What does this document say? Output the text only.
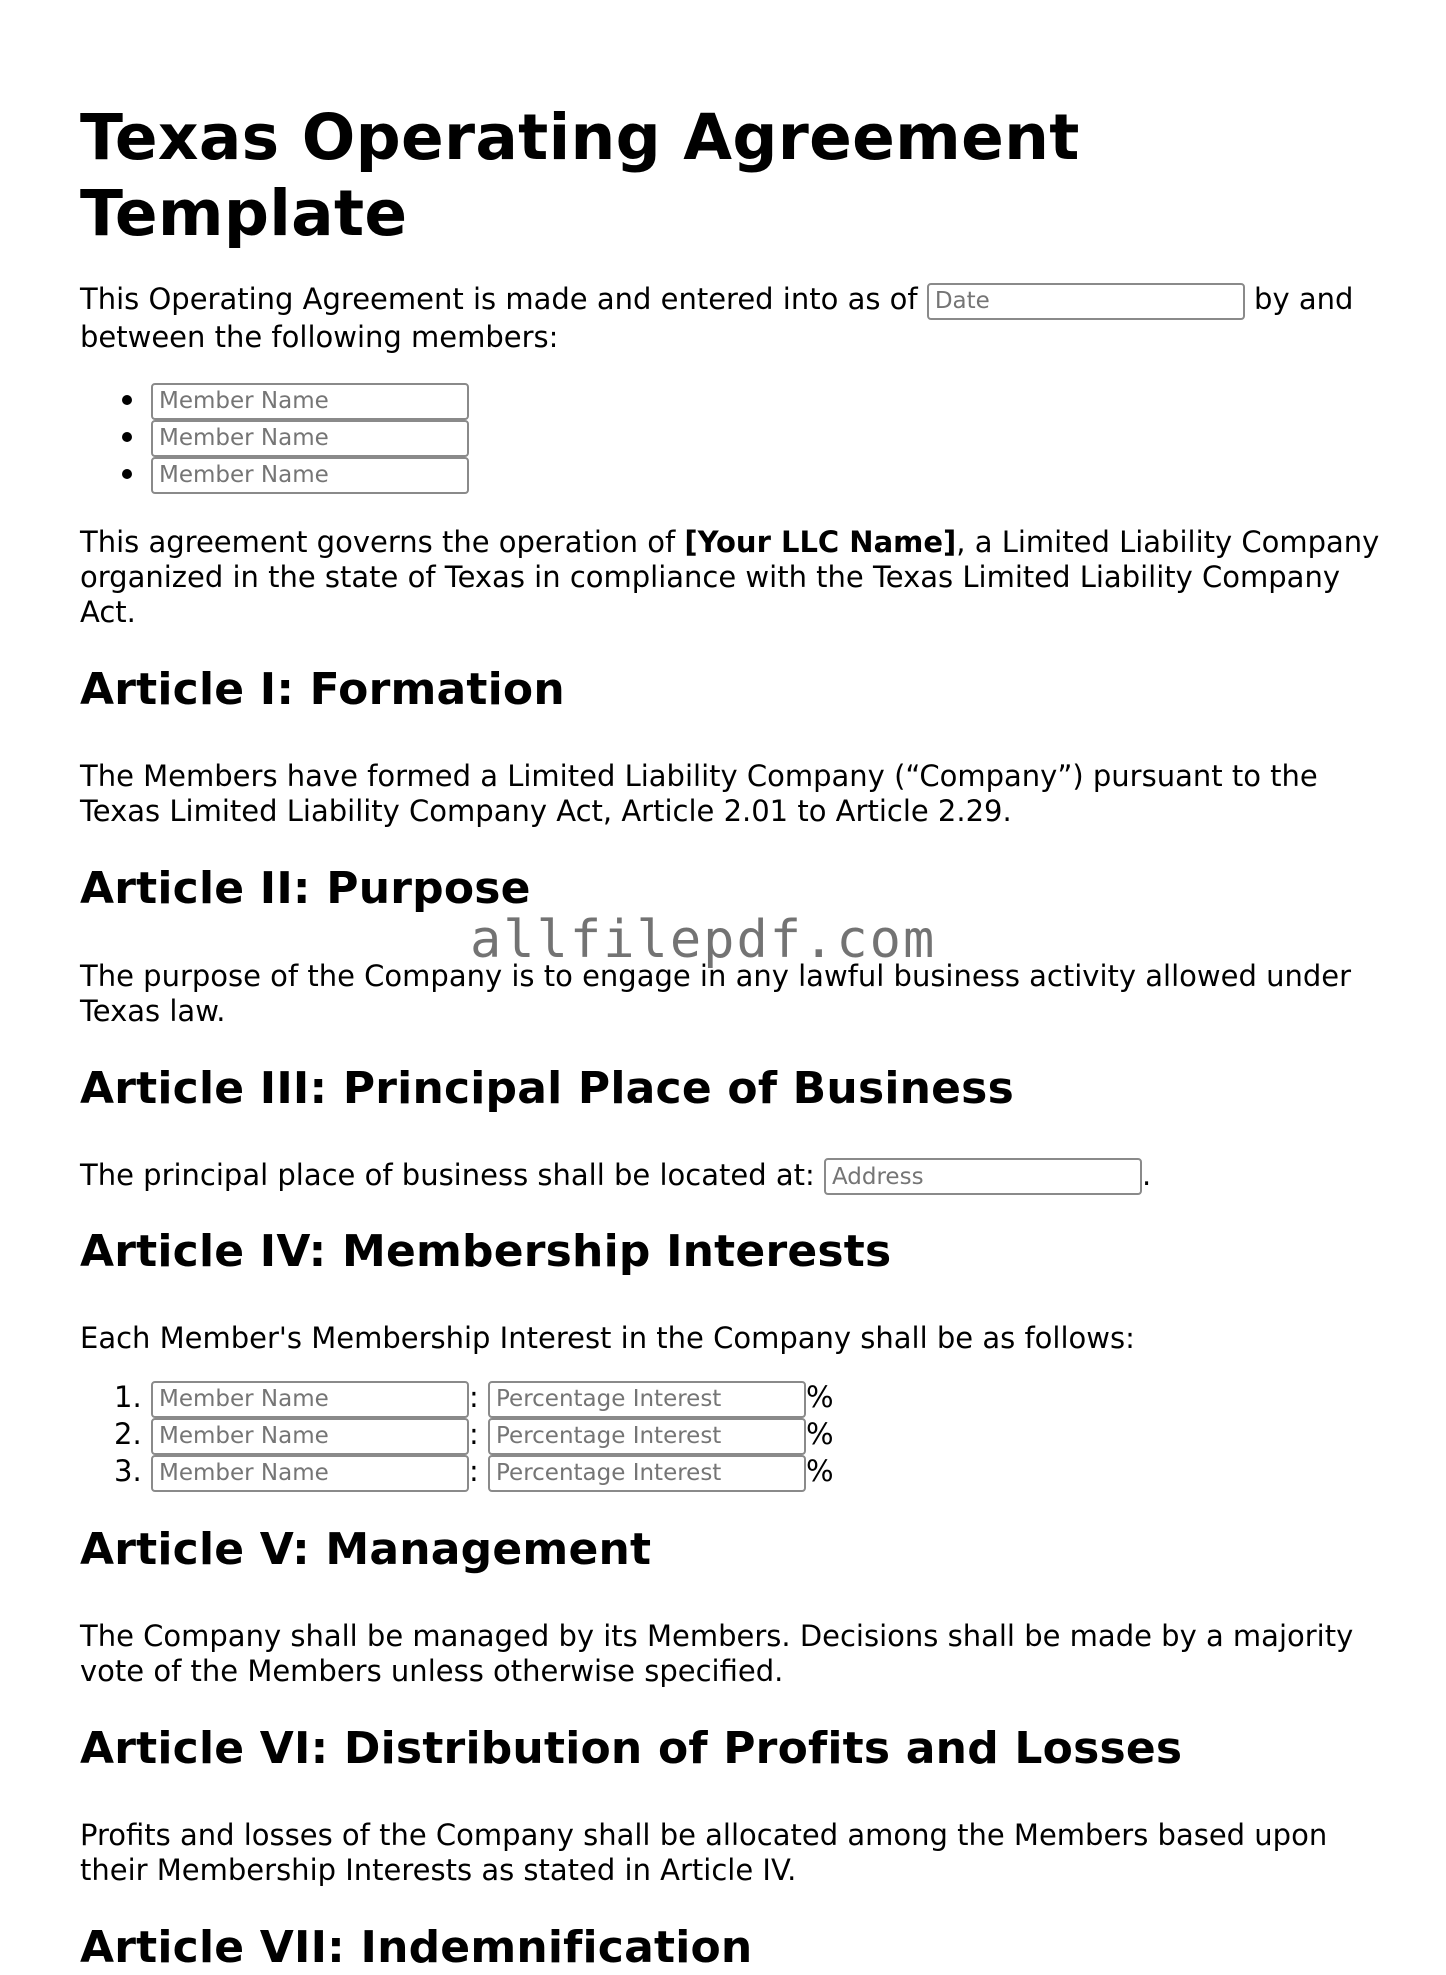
Texas Operating Agreement Template

This Operating Agreement is made and entered into as of Date	by and between the following members:

Member Name
Member Name
Member Name

This agreement governs the operation of [Your LLC Name], a Limited Liability Company organized in the state of Texas in compliance with the Texas Limited Liability Company Act.

Article I: Formation

The Members have formed a Limited Liability Company (“Company”) pursuant to the Texas Limited Liability Company Act, Article 2.01 to Article 2.29.

Article II: Purpose

The purpose of the Company is to engage in any lawful business activity allowed under Texas law.

Article III: Principal Place of Business

The principal place of business shall be located at: Address	.

Article IV: Membership Interests

Each Member's Membership Interest in the Company shall be as follows:

1.
Member Name	:Percentage Interest	%
2.
Member Name	:Percentage Interest	%
3.
Member Name	:Percentage Interest	%
Article V: Management

The Company shall be managed by its Members. Decisions shall be made by a majority vote of the Members unless otherwise specified.

Article VI: Distribution of Profits and Losses

Profits and losses of the Company shall be allocated among the Members based upon their Membership Interests as stated in Article IV.

Article VII: Indemnification
allfilepdf.com
